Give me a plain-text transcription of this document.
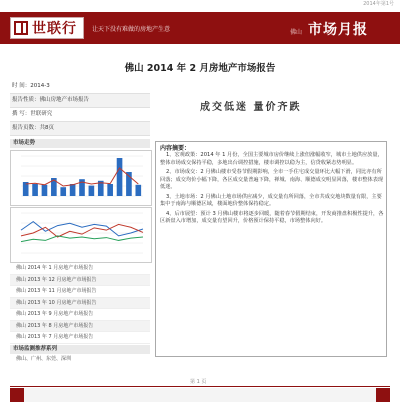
2014年第1号
世联行	让天下没有难做的房地产生意	佛山 市场月报
佛山 2014 年 2 月房地产市场报告
时 间：2014-3
报告性质：佛山房地产市场报告
撰 写：世联研究
报告页数：共8页
市场走势
佛山 2014 年 1 月房地产市场报告
佛山 2013 年 12 月房地产市场报告
佛山 2013 年 11 月房地产市场报告
佛山 2013 年 10 月房地产市场报告
佛山 2013 年 9 月房地产市场报告
佛山 2013 年 8 月房地产市场报告
佛山 2013 年 7 月房地产市场报告
市场监测推荐系列
佛山、广州、东莞、深圳
成交低迷 量价齐跌
内容摘要：

1、宏观政策：2014 年 1 月份，全国主要城市房价继续上涨但涨幅收窄，城市土地供应放量，整体市场成交保持平稳，多地出台调控措施，楼市调控以稳为主，信贷收紧态势明显。

2、市场成交：2 月佛山楼市受春节假期影响，全市一手住宅成交量环比大幅下滑，同比亦有所回落；成交均价小幅下降，各区成交量普遍下降，禅城、南海、顺德成交明显回落，楼市整体表现低迷。

3、土地市场：2 月佛山土地市场供应减少，成交量有所回落，全市共成交地块数量有限，主要集中于南海与顺德区域，楼面地价整体保持稳定。

4、后市展望：预计 3 月佛山楼市将逐步回暖，随着春节假期结束，开发商推盘积极性提升，各区新盘入市增加，成交量有望回升，价格预计保持平稳，市场整体向好。

第 1 页
